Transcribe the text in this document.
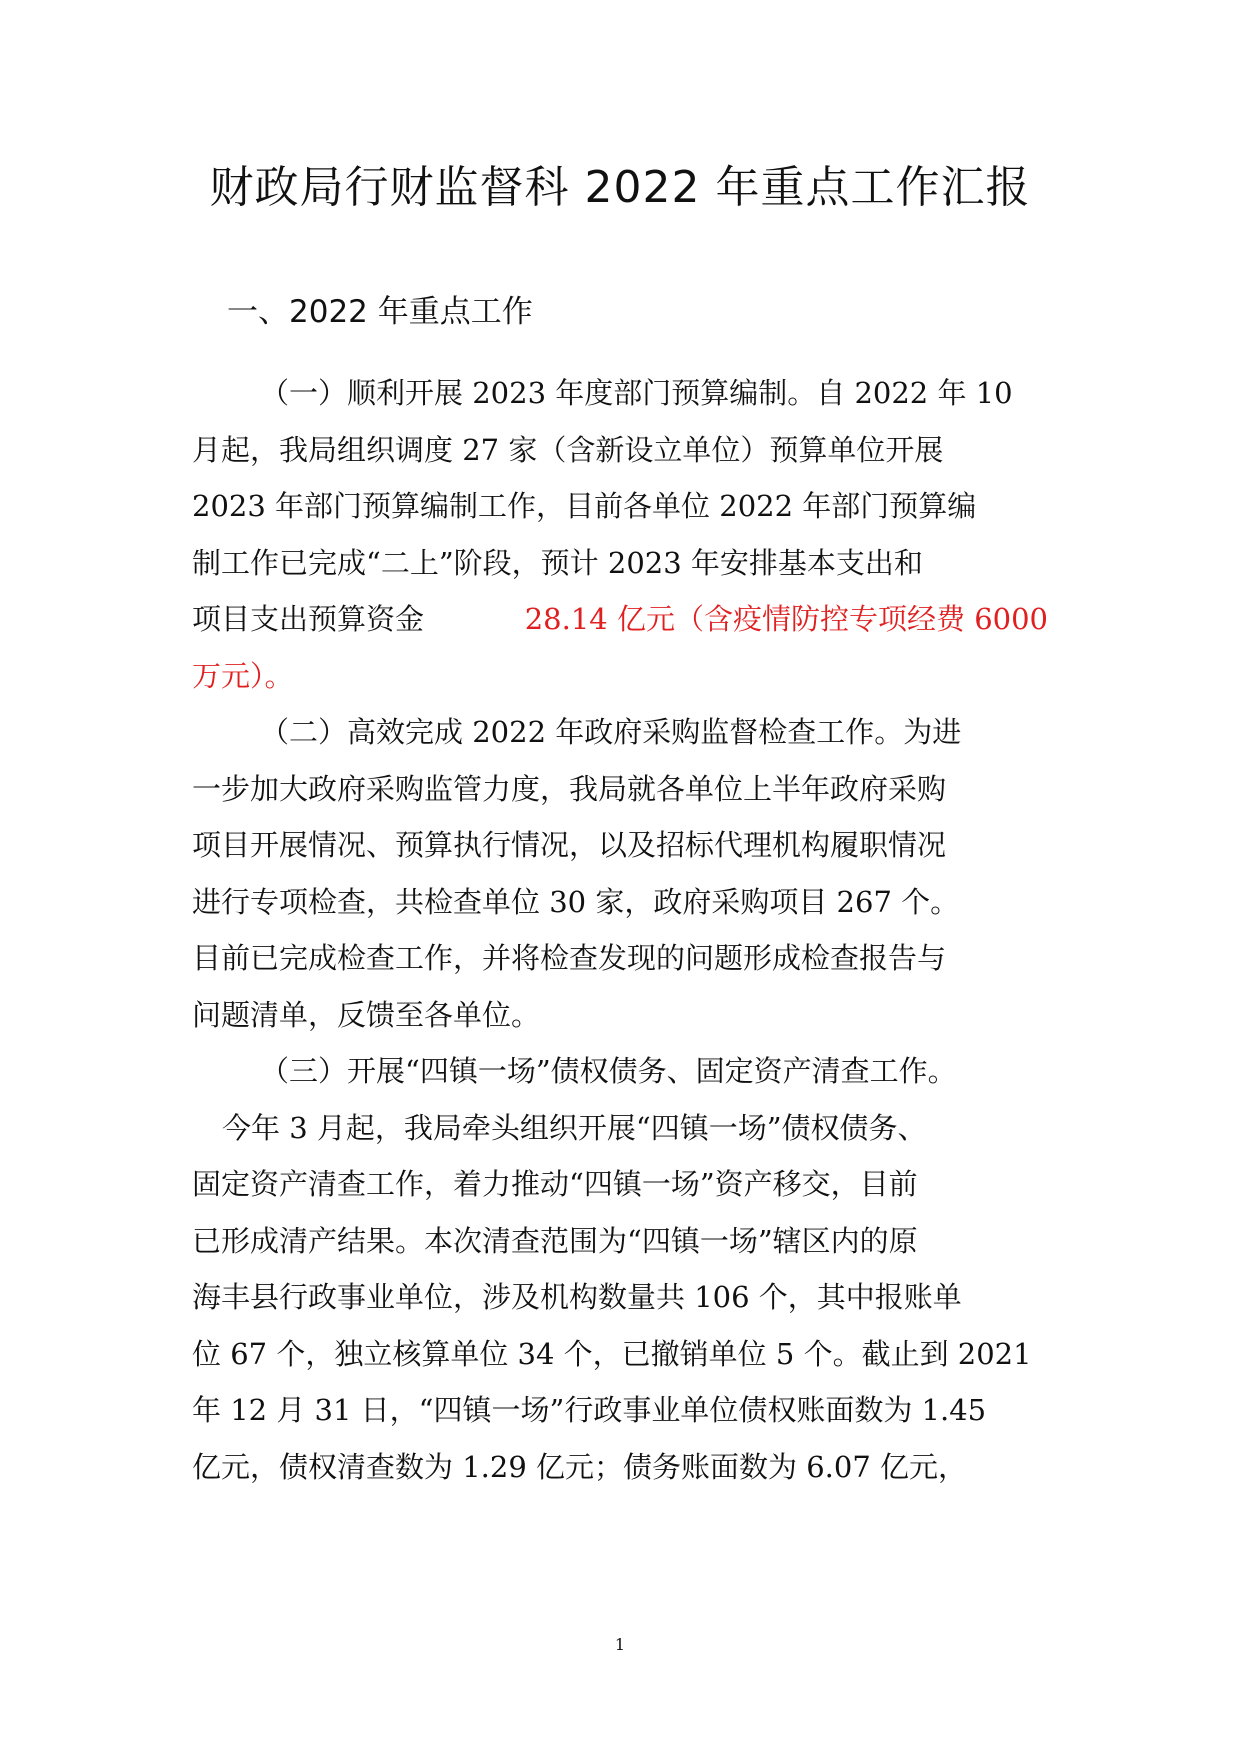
财政局行财监督科 2022 年重点工作汇报
一、2022 年重点工作
（一）顺利开展 2023 年度部门预算编制。自 2022 年 10
月起，我局组织调度 27 家（含新设立单位）预算单位开展
2023 年部门预算编制工作，目前各单位 2022 年部门预算编
制工作已完成“二上”阶段，预计 2023 年安排基本支出和
项目支出预算资金	28.14 亿元（含疫情防控专项经费 6000
万元）。
（二）高效完成 2022 年政府采购监督检查工作。为进
一步加大政府采购监管力度，我局就各单位上半年政府采购
项目开展情况、预算执行情况，以及招标代理机构履职情况
进行专项检查，共检查单位 30 家，政府采购项目 267 个。
目前已完成检查工作，并将检查发现的问题形成检查报告与
问题清单，反馈至各单位。
（三）开展“四镇一场”债权债务、固定资产清查工作。
今年 3 月起，我局牵头组织开展“四镇一场”债权债务、
固定资产清查工作，着力推动“四镇一场”资产移交，目前
已形成清产结果。本次清查范围为“四镇一场”辖区内的原
海丰县行政事业单位，涉及机构数量共 106 个，其中报账单
位 67 个，独立核算单位 34 个，已撤销单位 5 个。截止到 2021
年 12 月 31 日，“四镇一场”行政事业单位债权账面数为 1.45
亿元，债权清查数为 1.29 亿元；债务账面数为 6.07 亿元，
1
